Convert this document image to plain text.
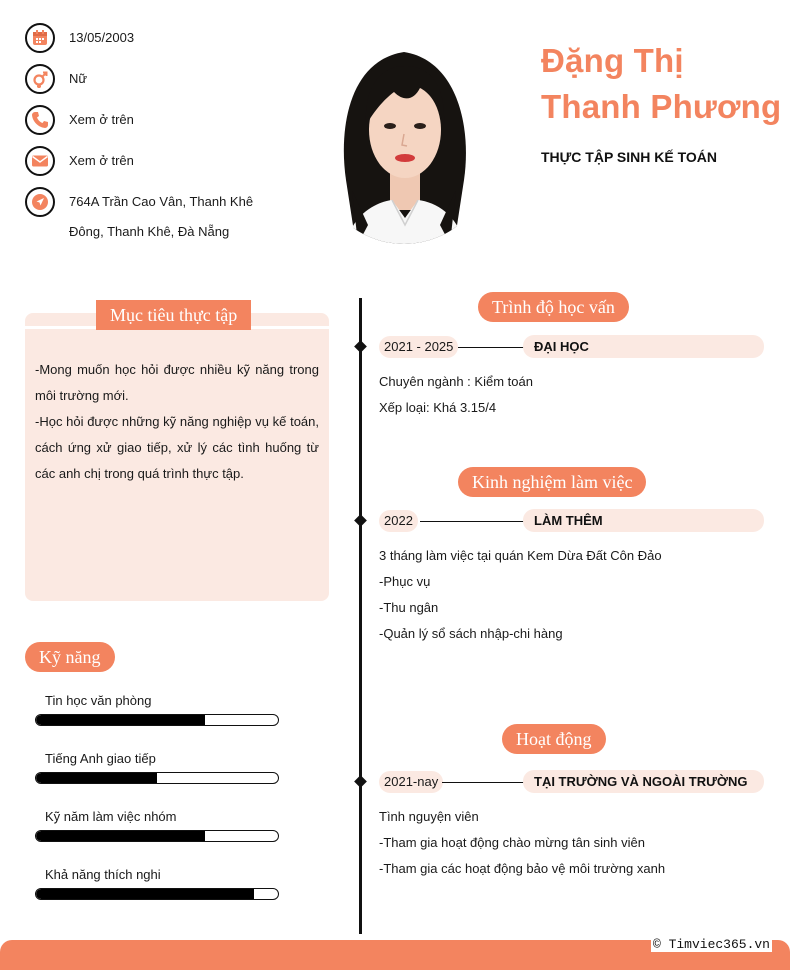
13/05/2003
Nữ
Xem ở trên
Xem ở trên
764A Trần Cao Vân, Thanh Khê
Đông, Thanh Khê, Đà Nẵng
Đặng Thị
Thanh Phương
THỰC TẬP SINH KẾ TOÁN
Mục tiêu thực tập

-Mong muốn học hỏi được nhiều kỹ năng trong môi trường mới.

-Học hỏi được những kỹ năng nghiệp vụ kế toán, cách ứng xử giao tiếp, xử lý các tình huống từ các anh chị trong quá trình thực tập.

Kỹ năng
Tin học văn phòng
Tiếng Anh giao tiếp
Kỹ năm làm việc nhóm
Khả năng thích nghi
Trình độ học vấn
2021 - 2025	ĐẠI HỌC
Chuyên ngành : Kiểm toán
Xếp loại: Khá 3.15/4
Kinh nghiệm làm việc
2022	LÀM THÊM
3 tháng làm việc tại quán Kem Dừa Đất Côn Đảo
-Phục vụ
-Thu ngân
-Quản lý sổ sách nhập-chi hàng
Hoạt động
2021-nay	TẠI TRƯỜNG VÀ NGOÀI TRƯỜNG
Tình nguyện viên
-Tham gia hoạt động chào mừng tân sinh viên
-Tham gia các hoạt động bảo vệ môi trường xanh
© Timviec365.vn
